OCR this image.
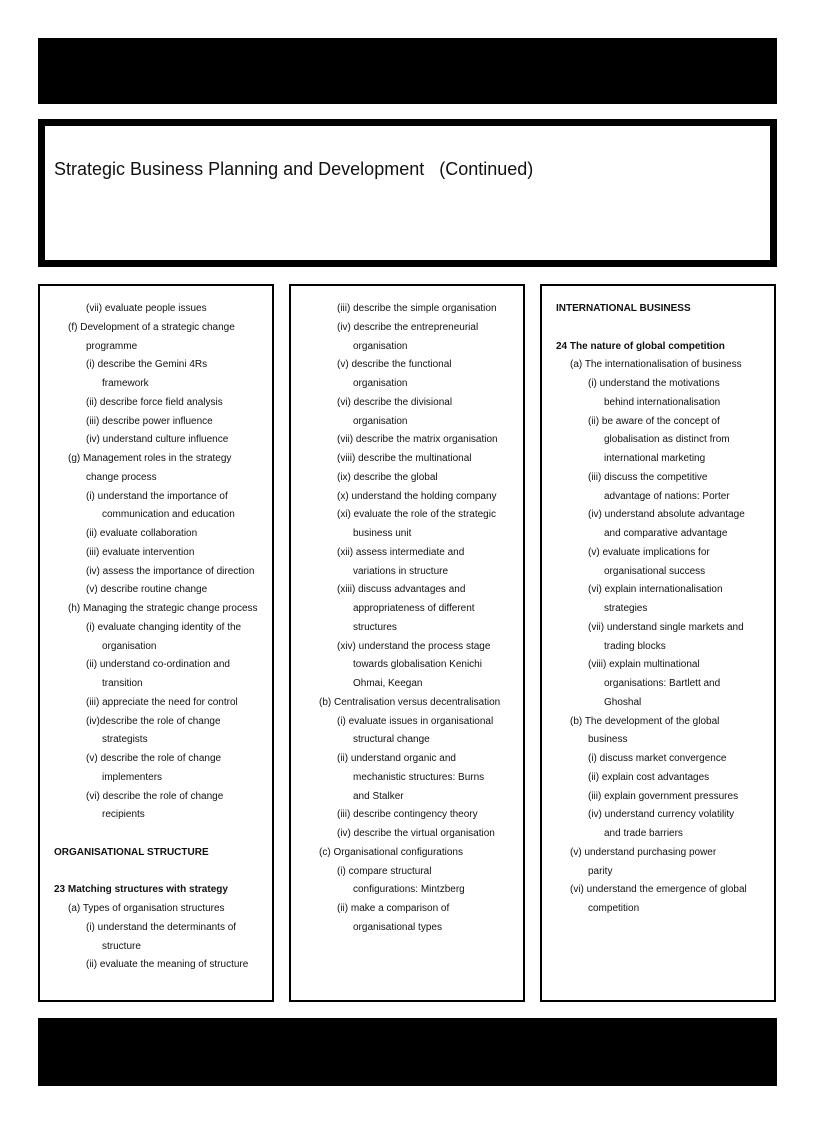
Strategic Business Planning and Development   (Continued)
(vii) evaluate people issues
(f) Development of a strategic change
programme
(i) describe the Gemini 4Rs
framework
(ii) describe force field analysis
(iii) describe power influence
(iv) understand culture influence
(g) Management roles in the strategy
change process
(i) understand the importance of
communication and education
(ii) evaluate collaboration
(iii) evaluate intervention
(iv) assess the importance of direction
(v) describe routine change
(h) Managing the strategic change process
(i) evaluate changing identity of the
organisation
(ii) understand co-ordination and
transition
(iii) appreciate the need for control
(iv)describe the role of change
strategists
(v) describe the role of change
implementers
(vi) describe the role of change
recipients
ORGANISATIONAL STRUCTURE
23 Matching structures with strategy
(a) Types of organisation structures
(i) understand the determinants of
structure
(ii) evaluate the meaning of structure
(iii) describe the simple organisation
(iv) describe the entrepreneurial
organisation
(v) describe the functional
organisation
(vi) describe the divisional
organisation
(vii) describe the matrix organisation
(viii) describe the multinational
(ix) describe the global
(x) understand the holding company
(xi) evaluate the role of the strategic
business unit
(xii) assess intermediate and
variations in structure
(xiii) discuss advantages and
appropriateness of different
structures
(xiv) understand the process stage
towards globalisation Kenichi
Ohmai, Keegan
(b) Centralisation versus decentralisation
(i) evaluate issues in organisational
structural change
(ii) understand organic and
mechanistic structures: Burns
and Stalker
(iii) describe contingency theory
(iv) describe the virtual organisation
(c) Organisational configurations
(i) compare structural
configurations: Mintzberg
(ii) make a comparison of
organisational types
INTERNATIONAL BUSINESS
24 The nature of global competition
(a) The internationalisation of business
(i) understand the motivations
behind internationalisation
(ii) be aware of the concept of
globalisation as distinct from
international marketing
(iii) discuss the competitive
advantage of nations: Porter
(iv) understand absolute advantage
and comparative advantage
(v) evaluate implications for
organisational success
(vi) explain internationalisation
strategies
(vii) understand single markets and
trading blocks
(viii) explain multinational
organisations: Bartlett and
Ghoshal
(b) The development of the global
business
(i) discuss market convergence
(ii) explain cost advantages
(iii) explain government pressures
(iv) understand currency volatility
and trade barriers
(v) understand purchasing power
parity
(vi) understand the emergence of global
competition
